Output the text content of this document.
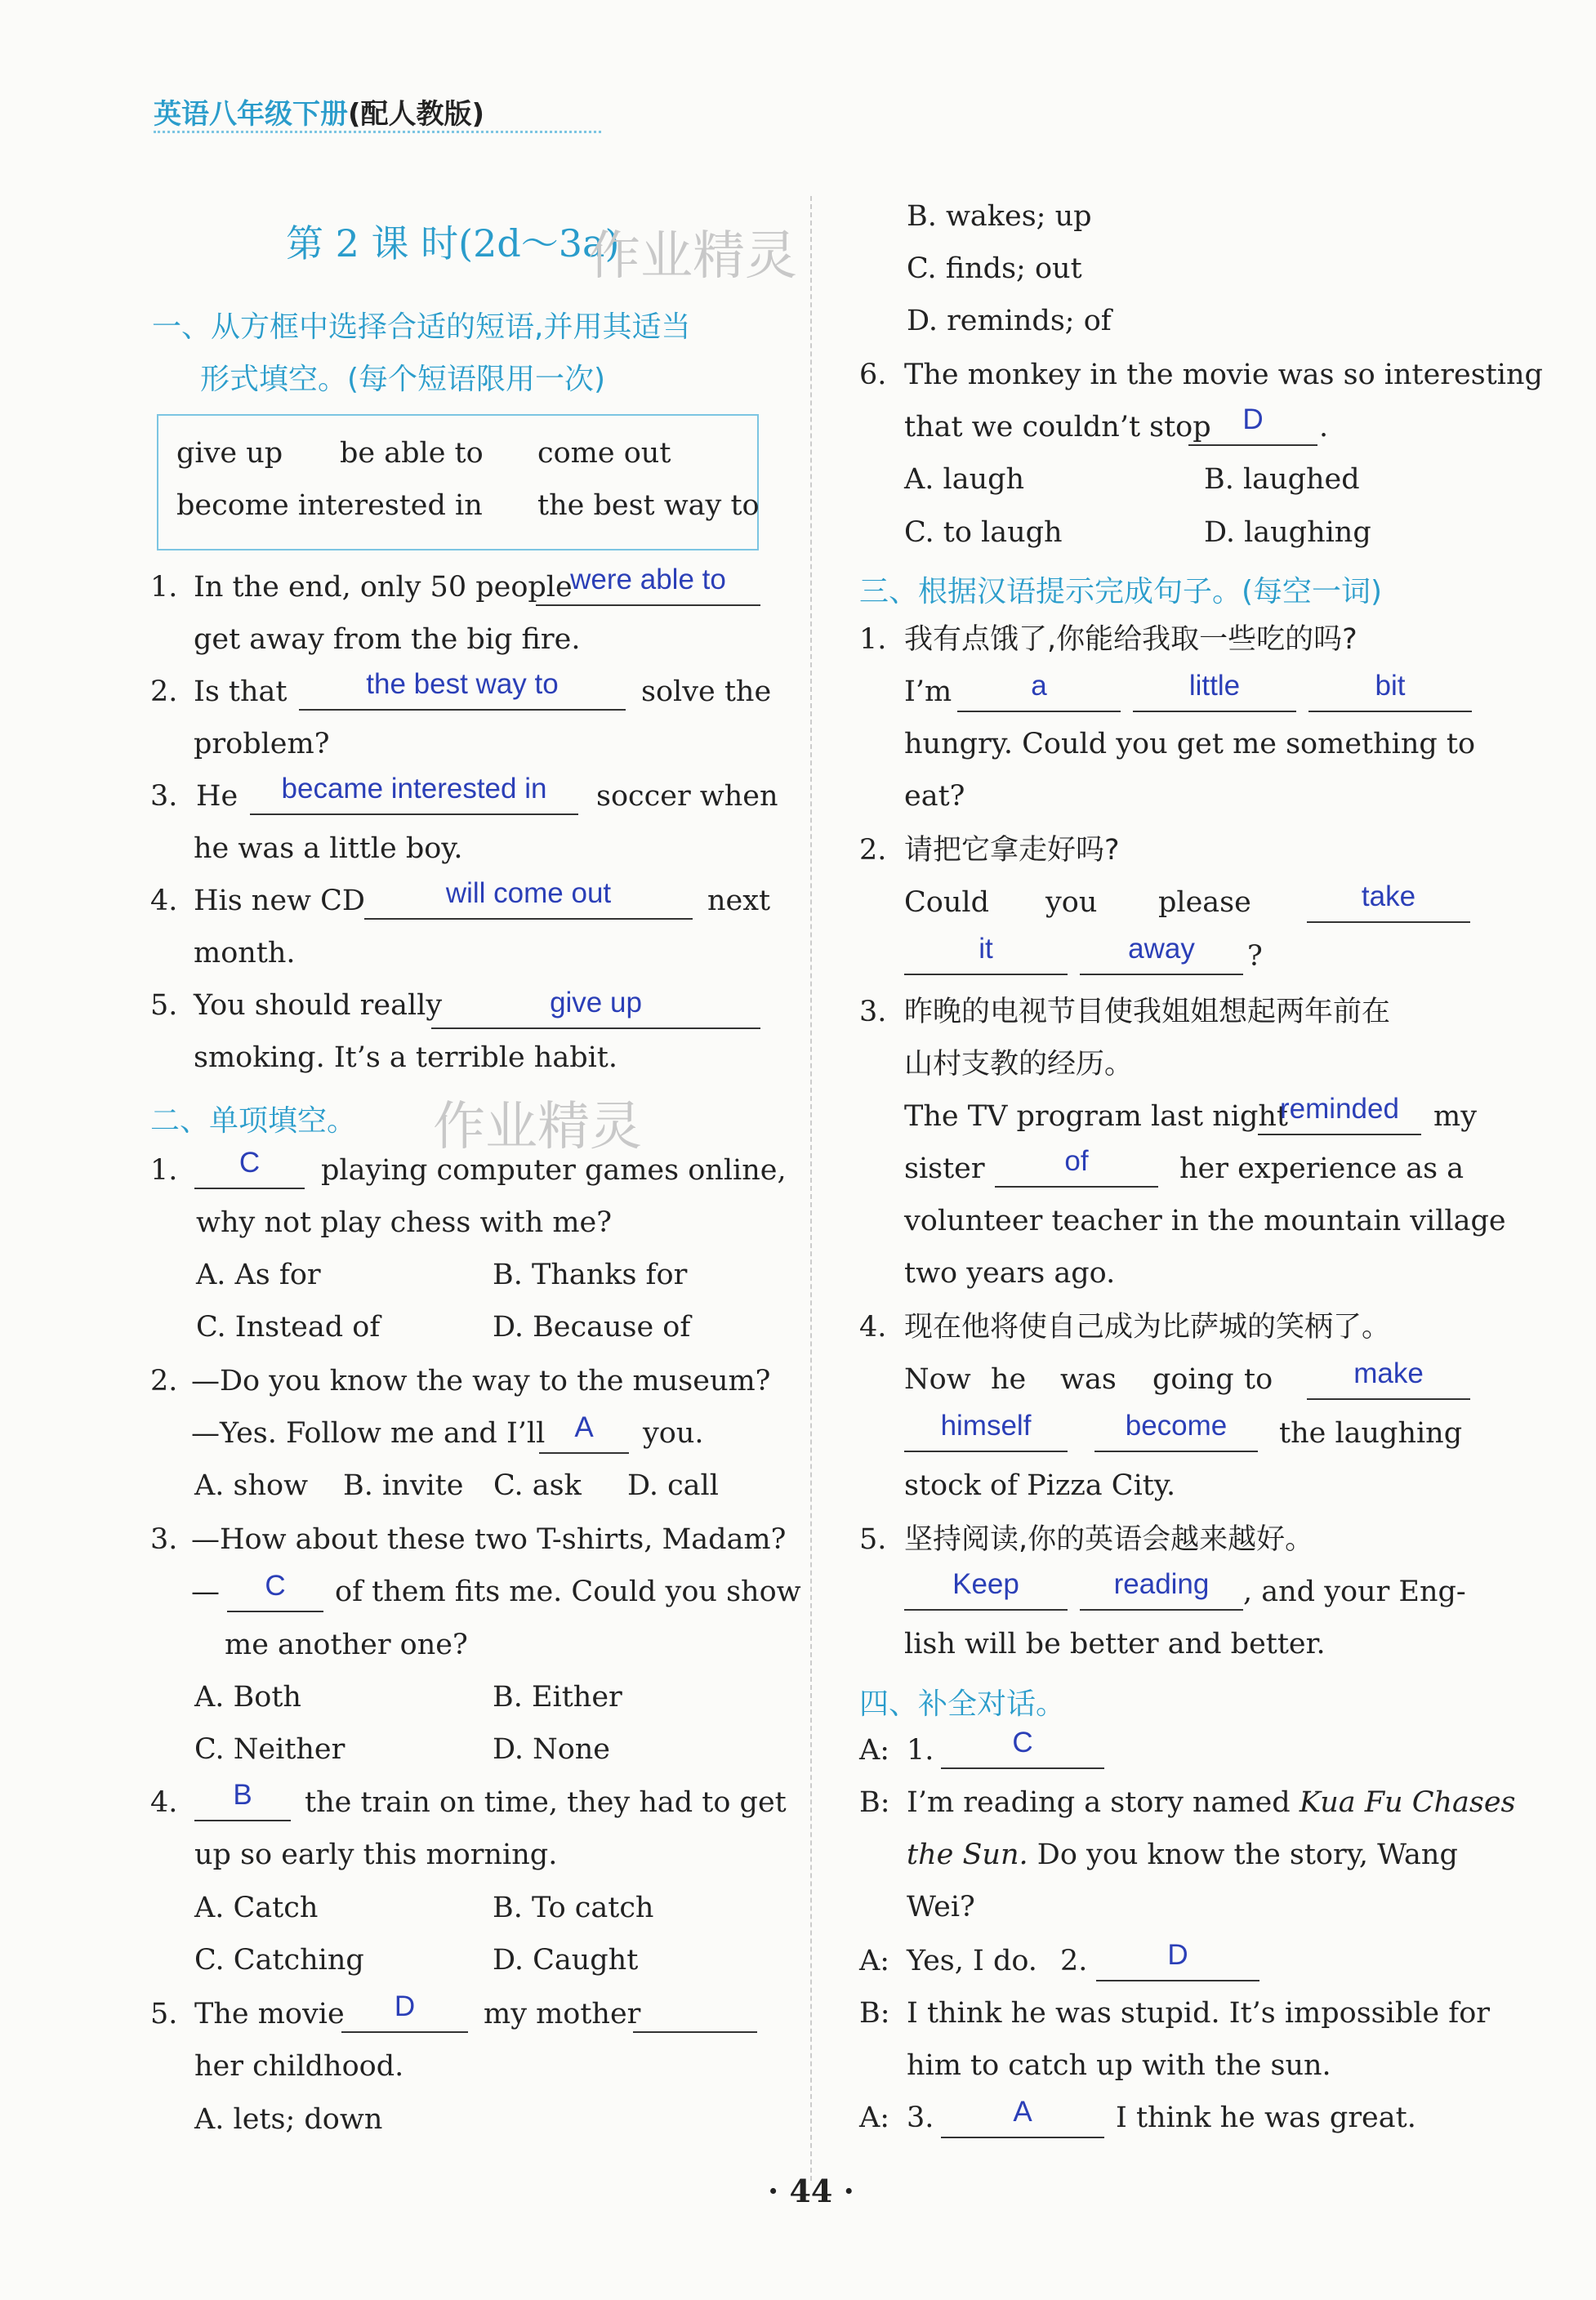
英语八年级下册(配人教版)
第 2 课 时(2d～3a)
作业精灵
作业精灵
一、从方框中选择合适的短语,并用其适当
形式填空。(每个短语限用一次)
give up be able to come out
become interested in the best way to
1. In the end, only 50 people
were able to
get away from the big fire.
2. Is that	the best way to	solve the
problem?
3. He	became interested in	soccer when
he was a little boy.
4. His new CD	will come out	next
month.
5. You should really	give up
smoking. It’s a terrible habit.
二、单项填空。
1.	C	playing computer games online,
why not play chess with me?
A. As for	B. Thanks for
C. Instead of	D. Because of
2. —Do you know the way to the museum?
—Yes. Follow me and I’ll	A	you.
A. show B. invite C. ask D. call
3. —How about these two T-shirts, Madam?
—	C	of them fits me. Could you show
me another one?
A. Both	B. Either
C. Neither	D. None
4.	B	the train on time, they had to get
up so early this morning.
A. Catch	B. To catch
C. Catching	D. Caught
5. The movie	D	my mother
her childhood.
A. lets; down
B. wakes; up
C. finds; out
D. reminds; of
6. The monkey in the movie was so interesting
that we couldn’t stop	D	.
A. laugh	B. laughed
C. to laugh	D. laughing
三、根据汉语提示完成句子。(每空一词)
1. 我有点饿了,你能给我取一些吃的吗?
I’m	a	little	bit
hungry. Could you get me something to
eat?
2. 请把它拿走好吗?
Could you please	take
it	away	?
3. 昨晚的电视节目使我姐姐想起两年前在
山村支教的经历。
The TV program last night
reminded	my
sister	of	her experience as a
volunteer teacher in the mountain village
two years ago.
4. 现在他将使自己成为比萨城的笑柄了。
Now he was going to	make
himself	become	the laughing
stock of Pizza City.
5. 坚持阅读,你的英语会越来越好。
Keep	reading	, and your Eng-
lish will be better and better.
四、补全对话。
A: 1.	C
B: I’m reading a story named Kua Fu Chases
the Sun. Do you know the story, Wang
Wei?
A: Yes, I do. 2.	D
B: I think he was stupid. It’s impossible for
him to catch up with the sun.
A: 3.	A	I think he was great.
· 44 ·
